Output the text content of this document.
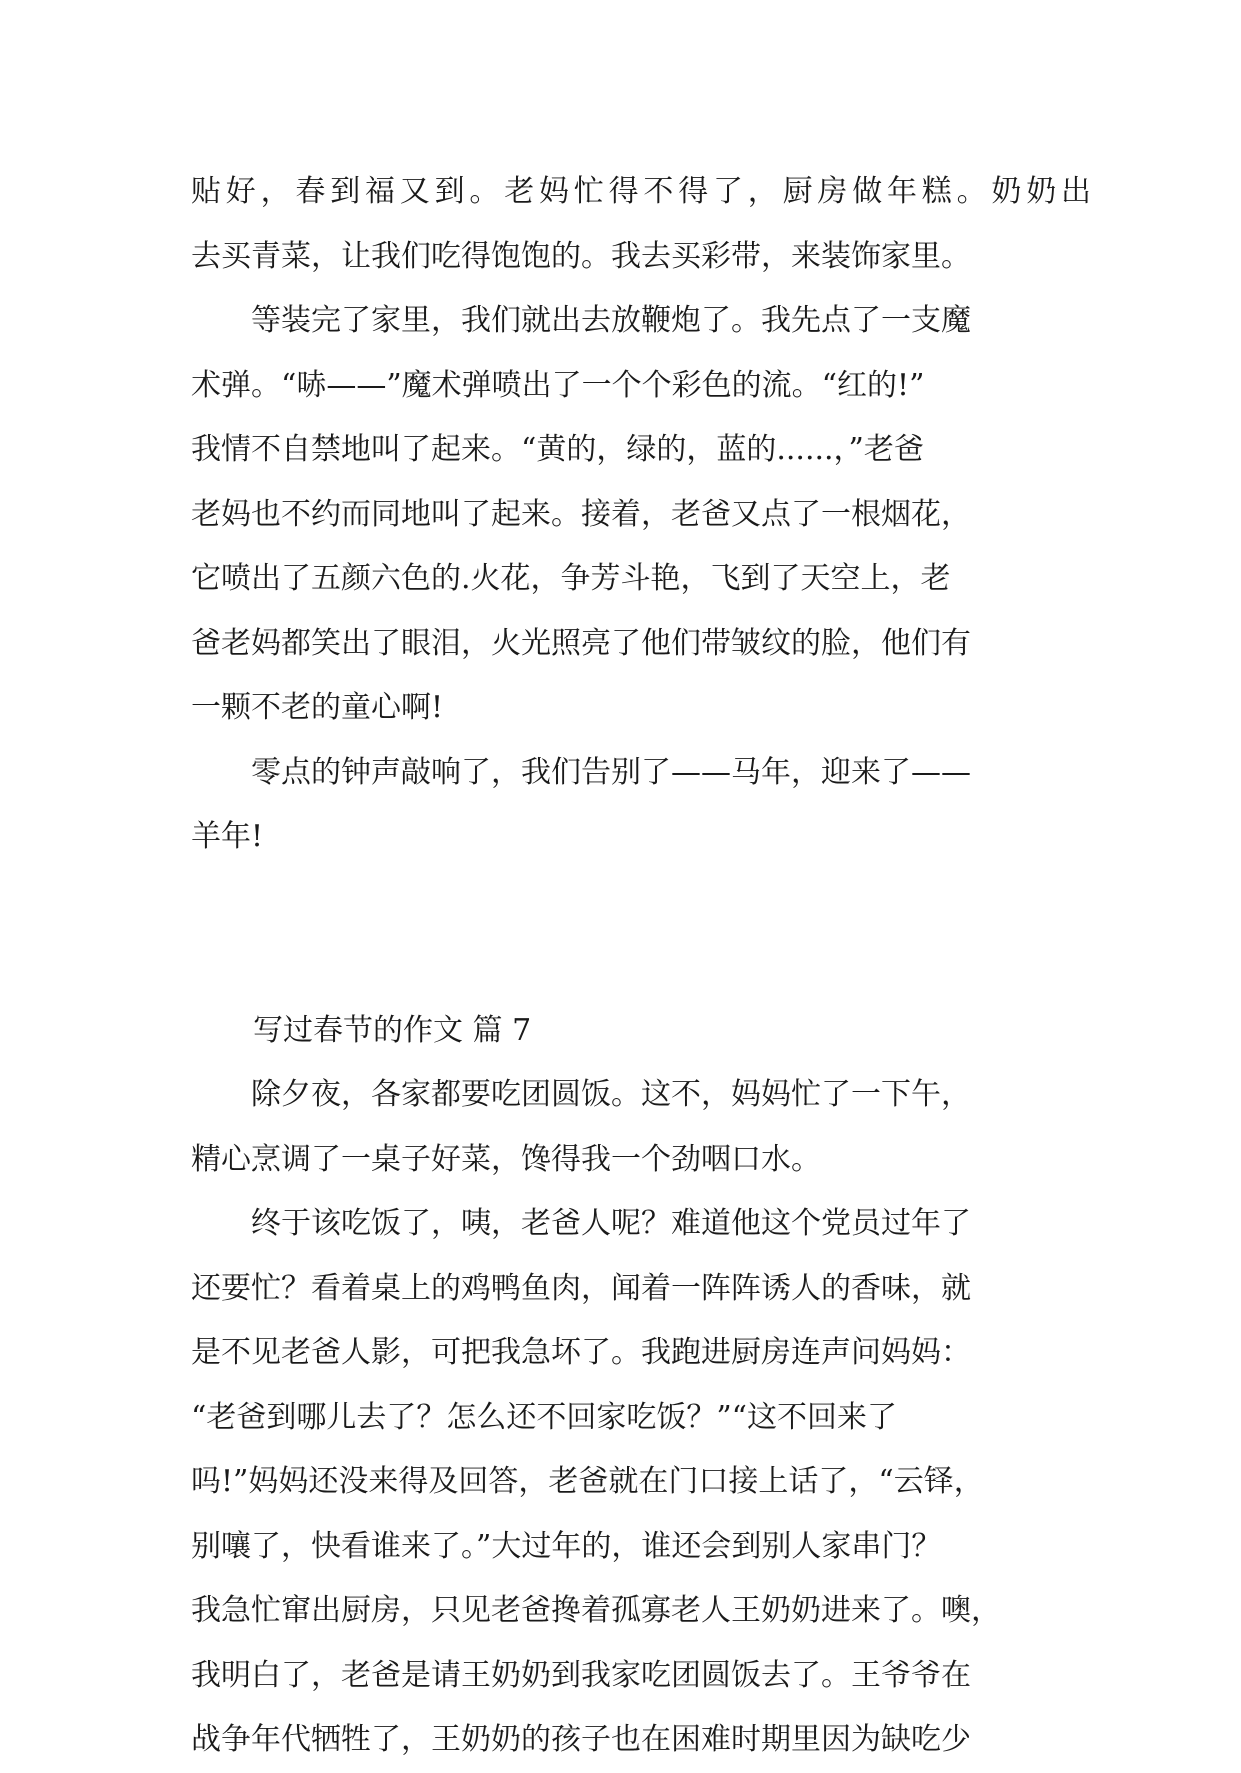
贴好，春到福又到。老妈忙得不得了，厨房做年糕。奶奶出
去买青菜，让我们吃得饱饱的。我去买彩带，来装饰家里。
　　等装完了家里，我们就出去放鞭炮了。我先点了一支魔
术弹。“哧——”魔术弹喷出了一个个彩色的流。“红的!”
我情不自禁地叫了起来。“黄的，绿的，蓝的......，”老爸
老妈也不约而同地叫了起来。接着，老爸又点了一根烟花，
它喷出了五颜六色的.火花，争芳斗艳，飞到了天空上，老
爸老妈都笑出了眼泪，火光照亮了他们带皱纹的脸，他们有
一颗不老的童心啊!
　　零点的钟声敲响了，我们告别了——马年，迎来了——
羊年!
写过春节的作文 篇 7
　　除夕夜，各家都要吃团圆饭。这不，妈妈忙了一下午，
精心烹调了一桌子好菜，馋得我一个劲咽口水。
　　终于该吃饭了，咦，老爸人呢？难道他这个党员过年了
还要忙？看着桌上的鸡鸭鱼肉，闻着一阵阵诱人的香味，就
是不见老爸人影，可把我急坏了。我跑进厨房连声问妈妈：
“老爸到哪儿去了？怎么还不回家吃饭？”“这不回来了
吗!”妈妈还没来得及回答，老爸就在门口接上话了，“云铎，
别嚷了，快看谁来了。”大过年的，谁还会到别人家串门？
我急忙窜出厨房，只见老爸搀着孤寡老人王奶奶进来了。噢，
我明白了，老爸是请王奶奶到我家吃团圆饭去了。王爷爷在
战争年代牺牲了，王奶奶的孩子也在困难时期里因为缺吃少
